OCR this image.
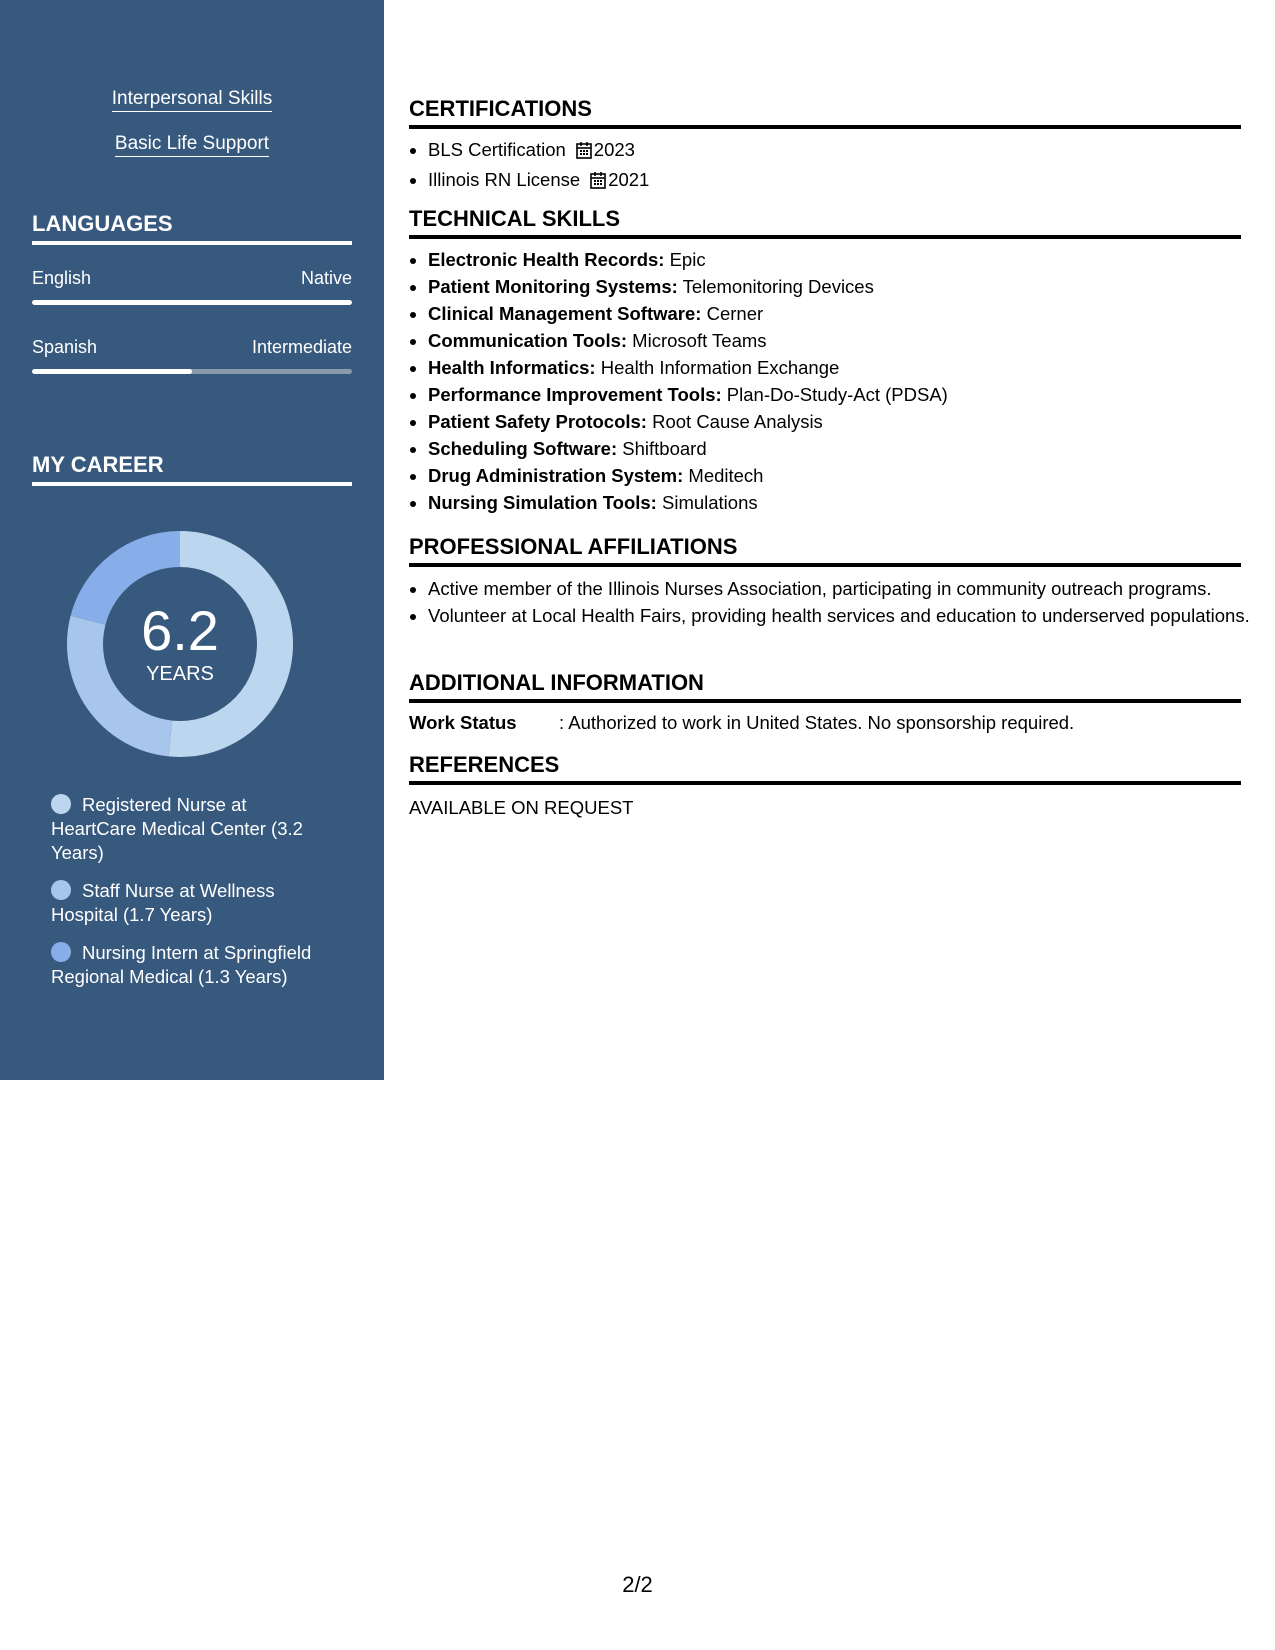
Interpersonal Skills
Basic Life Support
LANGUAGES
English	Native
Spanish	Intermediate
MY CAREER
6.2
YEARS
Registered Nurse at HeartCare Medical Center (3.2 Years)
Staff Nurse at Wellness Hospital (1.7 Years)
Nursing Intern at Springfield Regional Medical (1.3 Years)
CERTIFICATIONS
• BLS Certification 2023
• Illinois RN License 2021
TECHNICAL SKILLS
• Electronic Health Records: Epic
• Patient Monitoring Systems: Telemonitoring Devices
• Clinical Management Software: Cerner
• Communication Tools: Microsoft Teams
• Health Informatics: Health Information Exchange
• Performance Improvement Tools: Plan-Do-Study-Act (PDSA)
• Patient Safety Protocols: Root Cause Analysis
• Scheduling Software: Shiftboard
• Drug Administration System: Meditech
• Nursing Simulation Tools: Simulations
PROFESSIONAL AFFILIATIONS
• Active member of the Illinois Nurses Association, participating in community outreach programs.
• Volunteer at Local Health Fairs, providing health services and education to underserved populations.
ADDITIONAL INFORMATION
Work Status : Authorized to work in United States. No sponsorship required.
REFERENCES
AVAILABLE ON REQUEST
2/2
